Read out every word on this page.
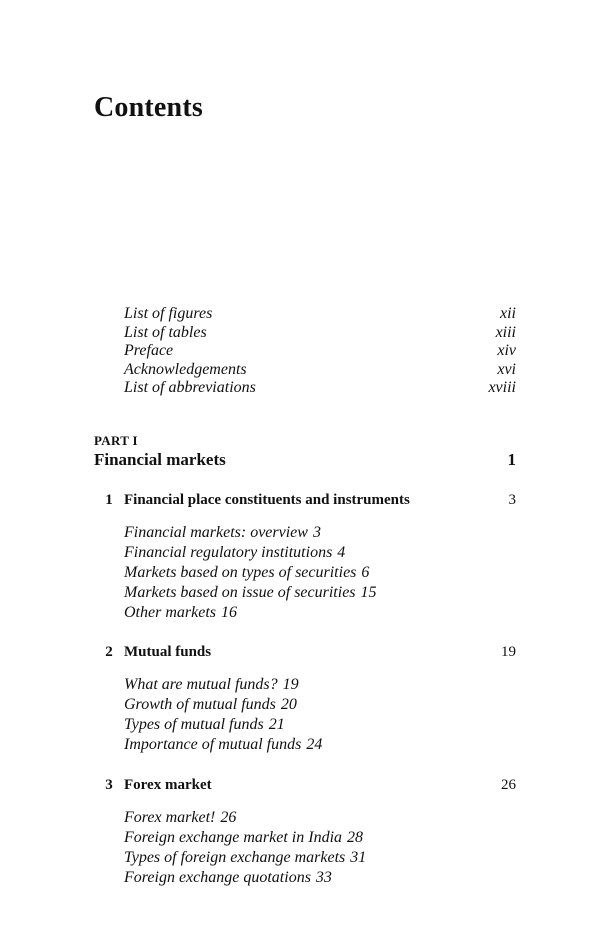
Contents
List of figures	xii
List of tables	xiii
Preface	xiv
Acknowledgements	xvi
List of abbreviations	xviii
PART I
Financial markets	1
1 Financial place constituents and instruments	3
Financial markets: overview 3
Financial regulatory institutions 4
Markets based on types of securities 6
Markets based on issue of securities 15
Other markets 16
2 Mutual funds	19
What are mutual funds? 19
Growth of mutual funds 20
Types of mutual funds 21
Importance of mutual funds 24
3 Forex market	26
Forex market! 26
Foreign exchange market in India 28
Types of foreign exchange markets 31
Foreign exchange quotations 33
